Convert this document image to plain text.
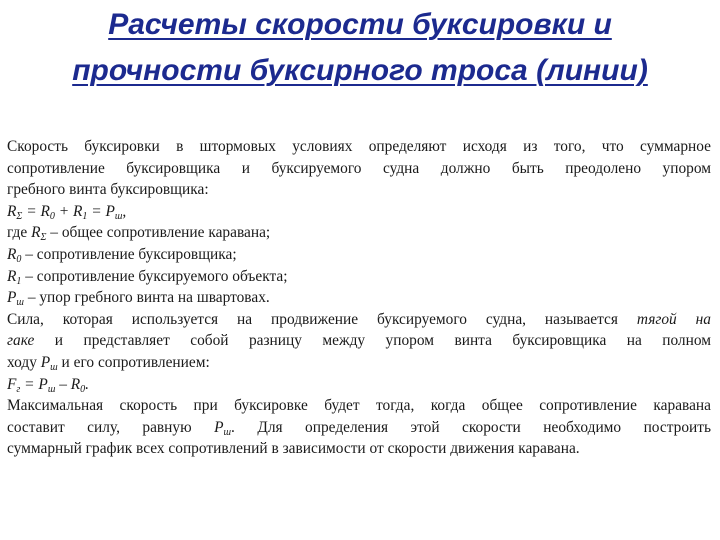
Расчеты скорости буксировки и
прочности буксирного троса (линии)
Скорость буксировки в штормовых условиях определяют исходя из того, что суммарное
сопротивление буксировщика и буксируемого судна должно быть преодолено упором
гребного винта буксировщика:
$R_\Sigma = R_0 + R_1 = P_ш$,
где $R_\Sigma$ – общее сопротивление каравана;
$R_0$ – сопротивление буксировщика;
$R_1$ – сопротивление буксируемого объекта;
$P_ш$ – упор гребного винта на швартовах.
Сила, которая используется на продвижение буксируемого судна, называется тягой на
гаке и представляет собой разницу между упором винта буксировщика на полном
ходу $P_ш$ и его сопротивлением:
$F_г = P_ш - R_0$.
Максимальная скорость при буксировке будет тогда, когда общее сопротивление каравана
составит силу, равную $P_ш$. Для определения этой скорости необходимо построить
суммарный график всех сопротивлений в зависимости от скорости движения каравана.
